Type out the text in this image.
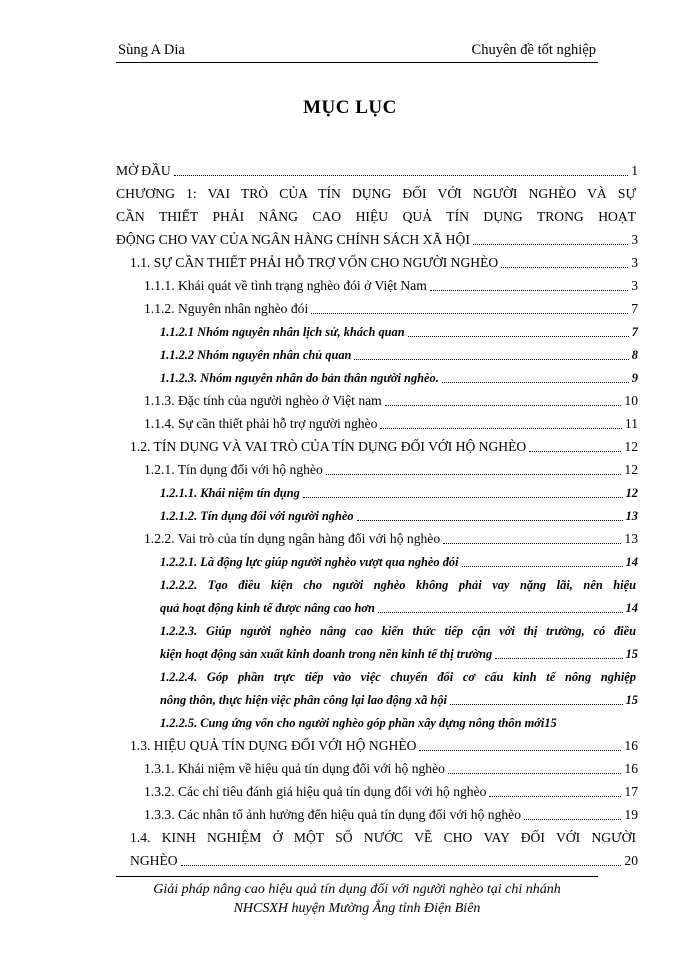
Sùng A Dia	Chuyên đề tốt nghiệp
MỤC LỤC
MỞ ĐẦU	1
CHƯƠNG 1: VAI TRÒ CỦA TÍN DỤNG ĐỐI VỚI NGƯỜI NGHÈO VÀ SỰ
CẦN THIẾT PHẢI NÂNG CAO HIỆU QUẢ TÍN DỤNG TRONG HOẠT
ĐỘNG CHO VAY CỦA NGÂN HÀNG CHÍNH SÁCH XÃ HỘI	3
1.1. SỰ CẦN THIẾT PHẢI HỖ TRỢ VỐN CHO NGƯỜI NGHÈO	3
1.1.1. Khái quát về tình trạng nghèo đói ở Việt Nam	3
1.1.2. Nguyên nhân nghèo đói	7
1.1.2.1 Nhóm nguyên nhân lịch sử, khách quan	7
1.1.2.2 Nhóm nguyên nhân chủ quan	8
1.1.2.3. Nhóm nguyên nhân do bản thân người nghèo.	9
1.1.3. Đặc tính của người nghèo ở Việt nam	10
1.1.4. Sự cần thiết phải hỗ trợ người nghèo	11
1.2. TÍN DỤNG VÀ VAI TRÒ CỦA TÍN DỤNG ĐỐI VỚI HỘ NGHÈO	12
1.2.1. Tín dụng đối với hộ nghèo	12
1.2.1.1. Khái niệm tín dụng	12
1.2.1.2. Tín dụng đối với người nghèo	13
1.2.2. Vai trò của tín dụng ngân hàng đối với hộ nghèo	13
1.2.2.1. Là động lực giúp người nghèo vượt qua nghèo đói	14
1.2.2.2. Tạo điều kiện cho người nghèo không phải vay nặng lãi, nên hiệu
quả hoạt động kinh tế được nâng cao hơn	14
1.2.2.3. Giúp người nghèo nâng cao kiến thức tiếp cận với thị trường, có điều
kiện hoạt động sản xuất kinh doanh trong nền kinh tế thị trường	15
1.2.2.4. Góp phần trực tiếp vào việc chuyển đổi cơ cấu kinh tế nông nghiệp
nông thôn, thực hiện việc phân công lại lao động xã hội	15
1.2.2.5. Cung ứng vốn cho người nghèo góp phần xây dựng nông thôn mới 15
1.3. HIỆU QUẢ TÍN DỤNG ĐỐI VỚI HỘ NGHÈO	16
1.3.1. Khái niệm về hiệu quả tín dụng đối với hộ nghèo	16
1.3.2. Các chỉ tiêu đánh giá hiệu quả tín dụng đối với hộ nghèo	17
1.3.3. Các nhân tố ảnh hưởng đến hiệu quả tín dụng đối với hộ nghèo	19
1.4. KINH NGHIỆM Ở MỘT SỐ NƯỚC VỀ CHO VAY ĐỐI VỚI NGƯỜI
NGHÈO	20
Giải pháp nâng cao hiệu quả tín dụng đối với người nghèo tại chi nhánh
NHCSXH huyện Mường Ẳng tỉnh Điện Biên
